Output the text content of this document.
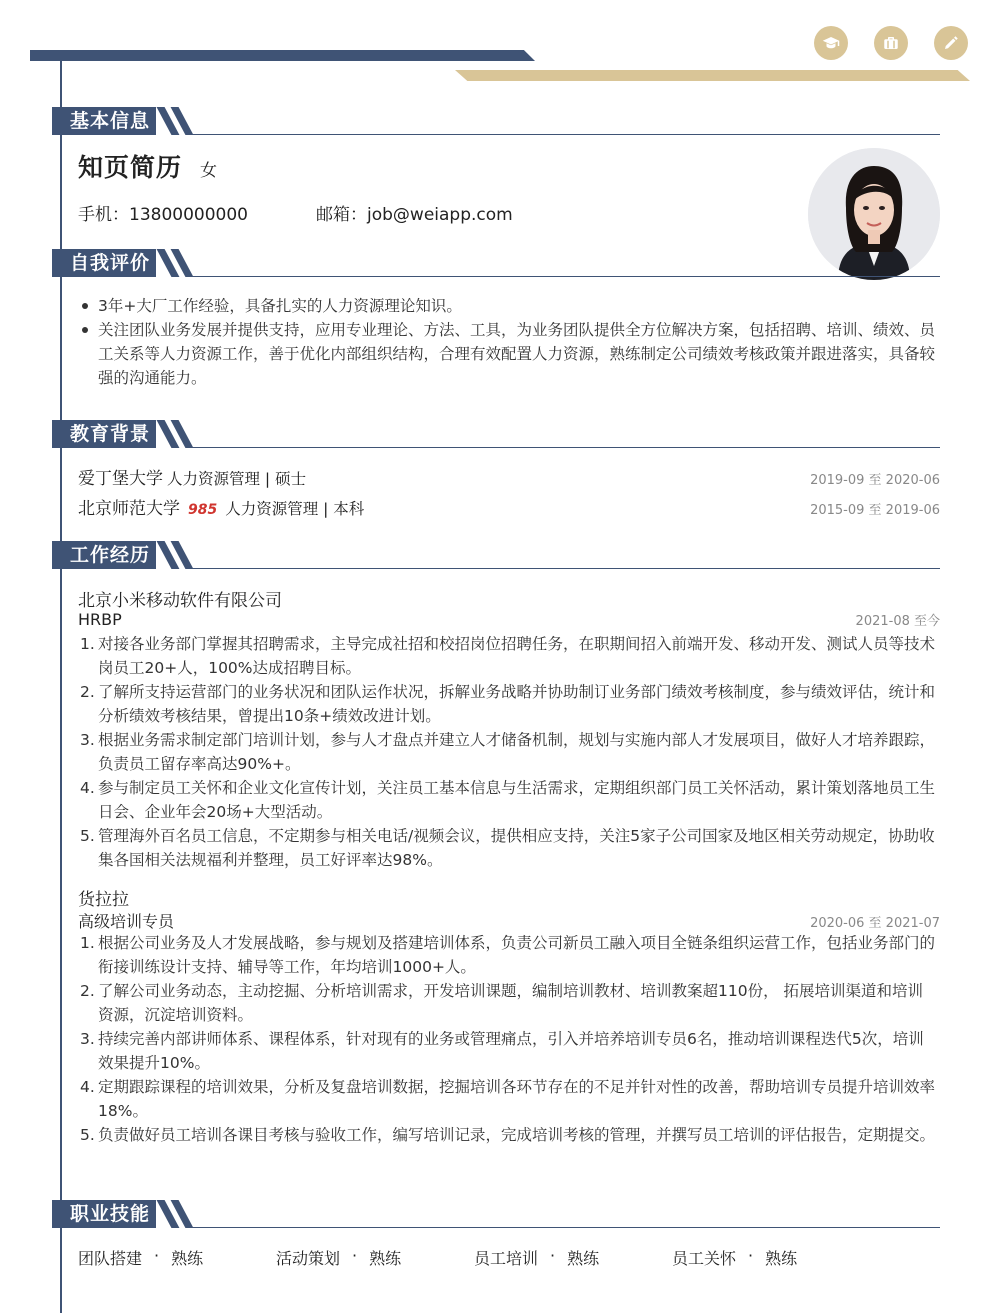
基本信息
知页简历 女
手机：13800000000	邮箱：job@weiapp.com
自我评价
3年+大厂工作经验，具备扎实的人力资源理论知识。
关注团队业务发展并提供支持，应用专业理论、方法、工具，为业务团队提供全方位解决方案，包括招聘、培训、绩效、员工关系等人力资源工作，善于优化内部组织结构，合理有效配置人力资源，熟练制定公司绩效考核政策并跟进落实，具备较强的沟通能力。
教育背景
爱丁堡大学 人力资源管理 | 硕士	2019-09 至 2020-06
北京师范大学 985 人力资源管理 | 本科	2015-09 至 2019-06
工作经历
北京小米移动软件有限公司
HRBP	2021-08 至今
1. 对接各业务部门掌握其招聘需求，主导完成社招和校招岗位招聘任务，在职期间招入前端开发、移动开发、测试人员等技术岗员工20+人，100%达成招聘目标。
2. 了解所支持运营部门的业务状况和团队运作状况，拆解业务战略并协助制订业务部门绩效考核制度，参与绩效评估，统计和分析绩效考核结果，曾提出10条+绩效改进计划。
3. 根据业务需求制定部门培训计划，参与人才盘点并建立人才储备机制，规划与实施内部人才发展项目，做好人才培养跟踪，负责员工留存率高达90%+。
4. 参与制定员工关怀和企业文化宣传计划，关注员工基本信息与生活需求，定期组织部门员工关怀活动，累计策划落地员工生日会、企业年会20场+大型活动。
5. 管理海外百名员工信息，不定期参与相关电话/视频会议，提供相应支持，关注5家子公司国家及地区相关劳动规定，协助收集各国相关法规福利并整理，员工好评率达98%。
货拉拉
高级培训专员	2020-06 至 2021-07
1. 根据公司业务及人才发展战略，参与规划及搭建培训体系，负责公司新员工融入项目全链条组织运营工作，包括业务部门的衔接训练设计支持、辅导等工作，年均培训1000+人。
2. 了解公司业务动态，主动挖掘、分析培训需求，开发培训课题，编制培训教材、培训教案超110份， 拓展培训渠道和培训资源，沉淀培训资料。
3. 持续完善内部讲师体系、课程体系，针对现有的业务或管理痛点，引入并培养培训专员6名，推动培训课程迭代5次，培训效果提升10%。
4. 定期跟踪课程的培训效果，分析及复盘培训数据，挖掘培训各环节存在的不足并针对性的改善，帮助培训专员提升培训效率18%。
5. 负责做好员工培训各课目考核与验收工作，编写培训记录，完成培训考核的管理，并撰写员工培训的评估报告，定期提交。
职业技能
团队搭建 · 熟练	活动策划 · 熟练	员工培训 · 熟练	员工关怀 · 熟练
